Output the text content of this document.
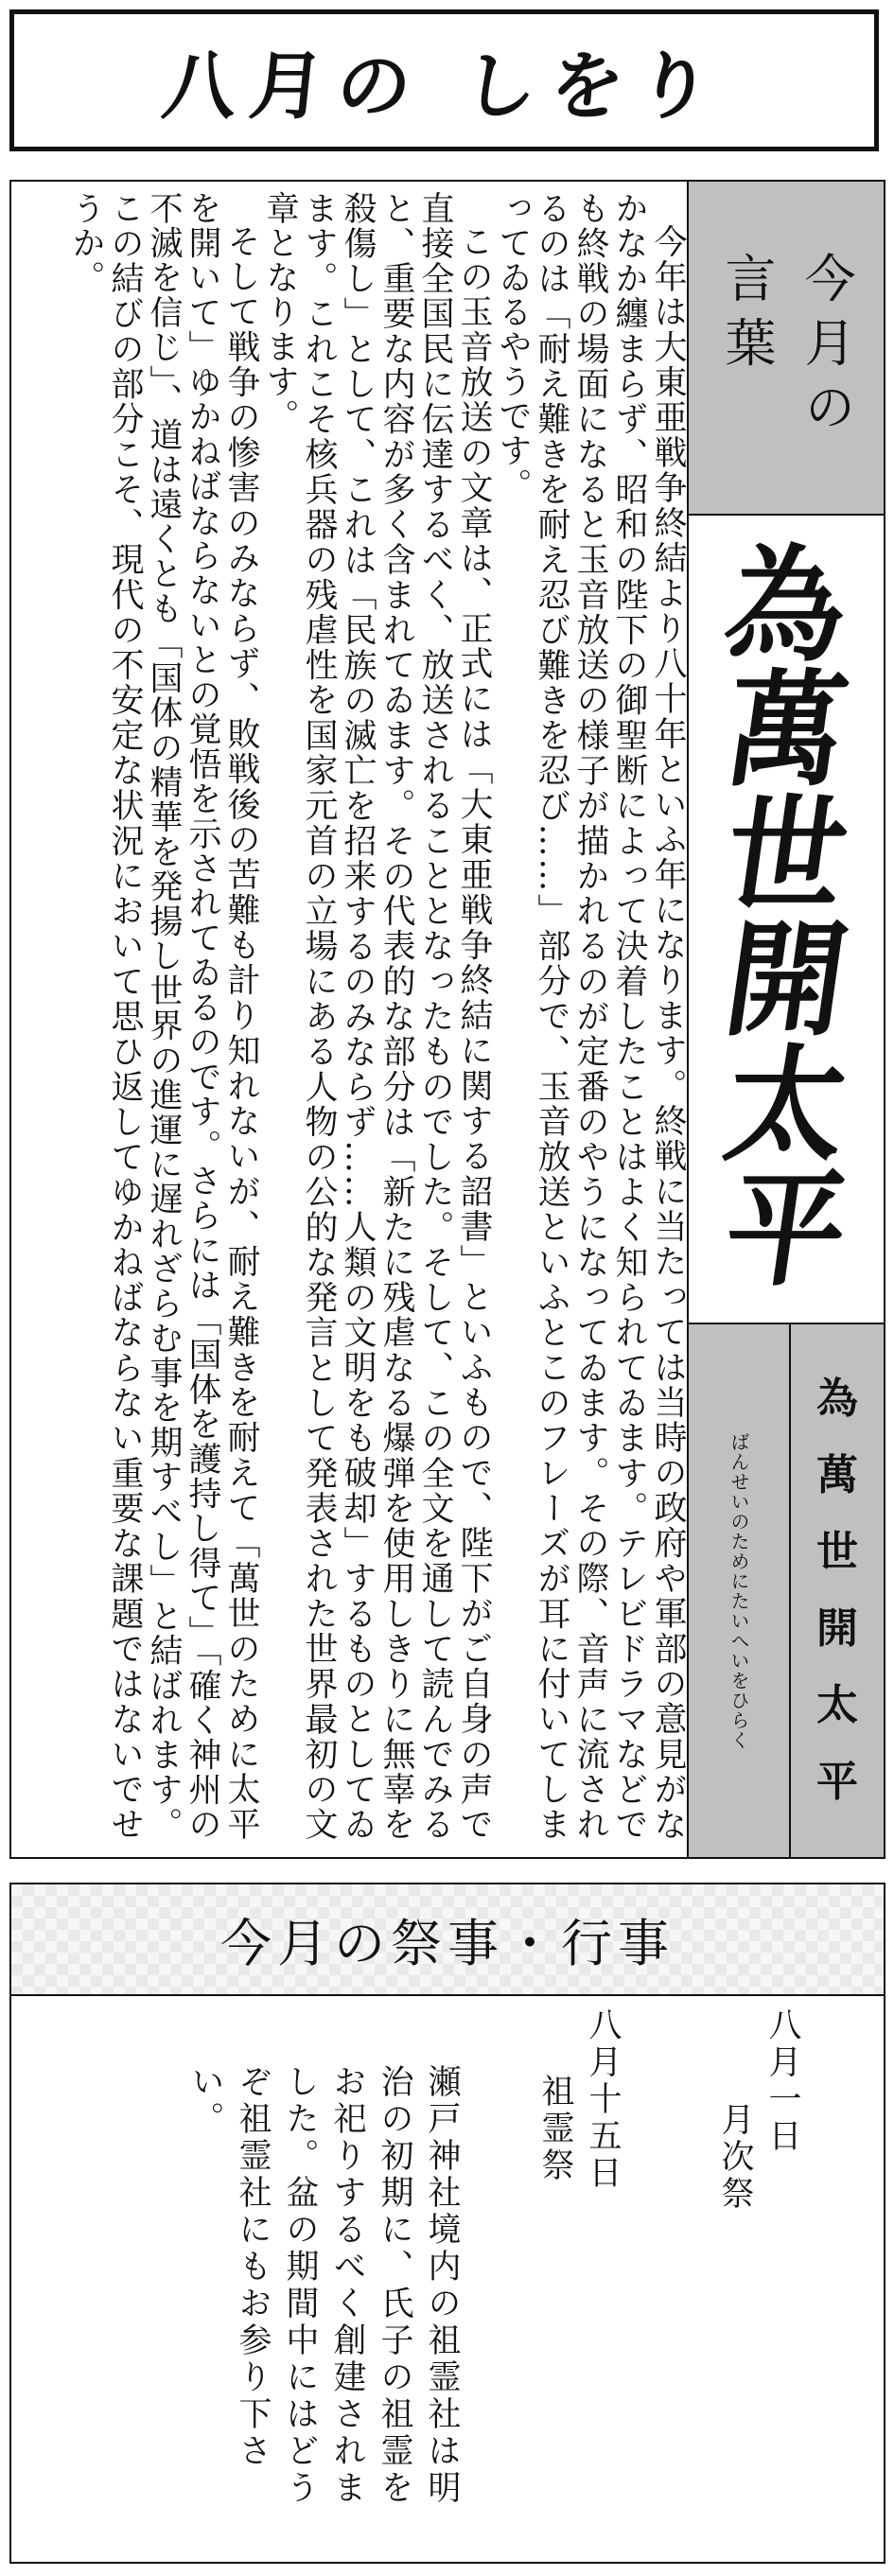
八月の しをり

今年は大東亜戦争終結より八十年といふ年になります。終戦に当たっては当時の政府や軍部の意見がなかなか纏まらず、昭和の陛下の御聖断によって決着したことはよく知られてゐます。テレビドラマなどでも終戦の場面になると玉音放送の様子が描かれるのが定番のやうになってゐます。その際、音声に流されるのは「耐え難きを耐え忍び難きを忍び……」部分で、玉音放送といふとこのフレーズが耳に付いてしまってゐるやうです。

この玉音放送の文章は、正式には「大東亜戦争終結に関する詔書」といふもので、陛下がご自身の声で直接全国民に伝達するべく、放送されることとなったものでした。そして、この全文を通して読んでみると、重要な内容が多く含まれてゐます。その代表的な部分は「新たに残虐なる爆弾を使用しきりに無辜を殺傷し」として、これは「民族の滅亡を招来するのみならず……人類の文明をも破却」するものとしてゐます。これこそ核兵器の残虐性を国家元首の立場にある人物の公的な発言として発表された世界最初の文章となります。

そして戦争の惨害のみならず、敗戦後の苦難も計り知れないが、耐え難きを耐えて「萬世のために太平を開いて」ゆかねばならないとの覚悟を示されてゐるのです。さらには「国体を護持し得て」「確く神州の不滅を信じ」、道は遠くとも「国体の精華を発揚し世界の進運に遅れざらむ事を期すべし」と結ばれます。この結びの部分こそ、現代の不安定な状況において思ひ返してゆかねばならない重要な課題ではないでせうか。

今月の
言葉
為
萬
世
開
太
平
ばんせいのために
たいへいをひらく
為
萬
世
開
太
平
今月の祭事・行事
八月一日
月次祭
八月十五日
祖霊祭
瀬戸神社境内の祖霊社は明治の初期に、氏子の祖霊をお祀りするべく創建されました。盆の期間中にはどうぞ祖霊社にもお参り下さい。
